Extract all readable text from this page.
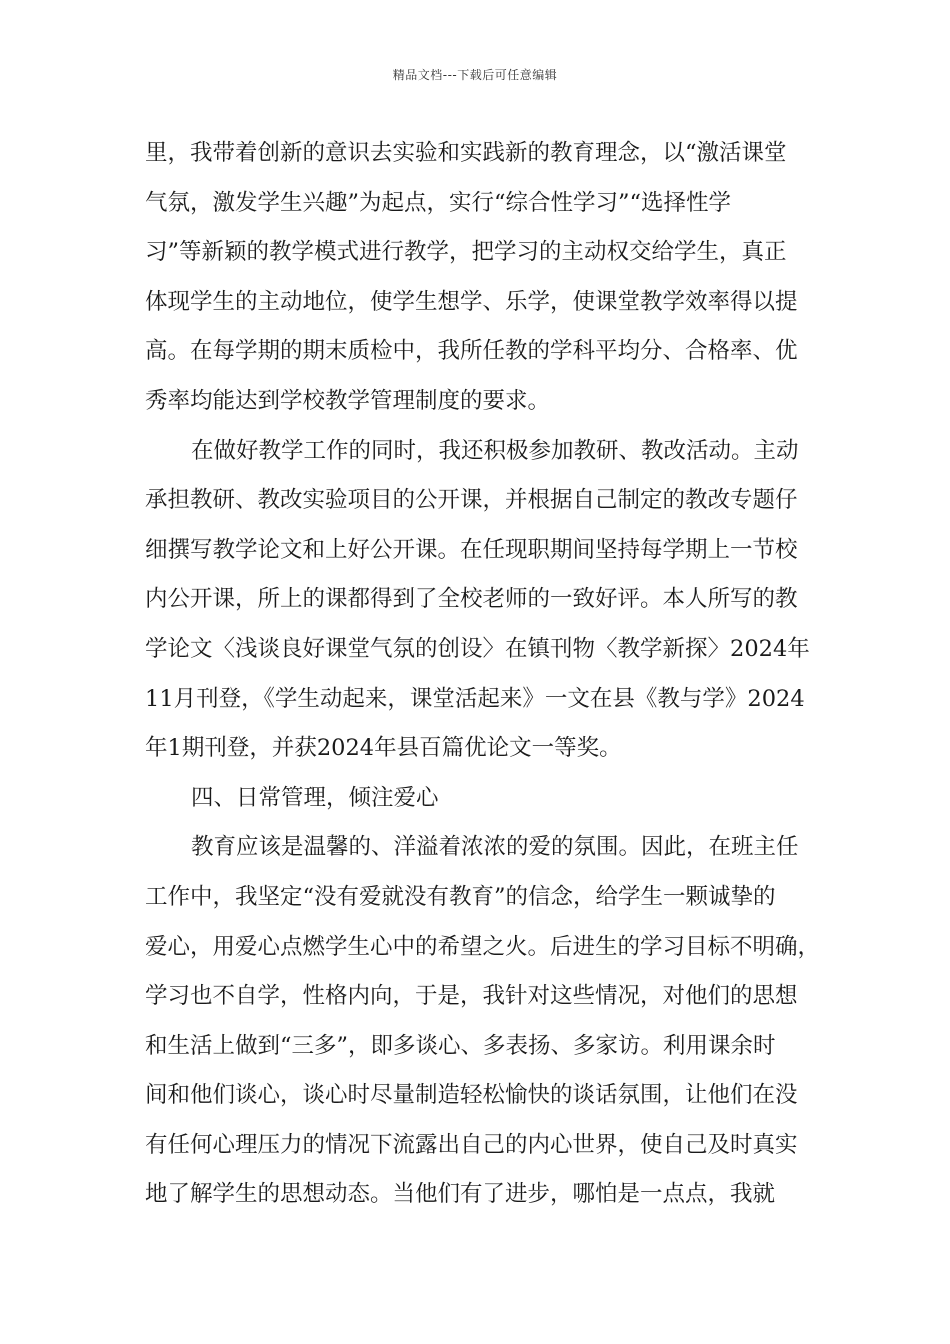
精品文档---下载后可任意编辑
里，我带着创新的意识去实验和实践新的教育理念，以“激活课堂
气氛，激发学生兴趣”为起点，实行“综合性学习”“选择性学
习”等新颖的教学模式进行教学，把学习的主动权交给学生，真正
体现学生的主动地位，使学生想学、乐学，使课堂教学效率得以提
高。在每学期的期末质检中，我所任教的学科平均分、合格率、优
秀率均能达到学校教学管理制度的要求。
在做好教学工作的同时，我还积极参加教研、教改活动。主动
承担教研、教改实验项目的公开课，并根据自己制定的教改专题仔
细撰写教学论文和上好公开课。在任现职期间坚持每学期上一节校
内公开课，所上的课都得到了全校老师的一致好评。本人所写的教
学论文〈浅谈良好课堂气氛的创设〉在镇刊物〈教学新探〉2024年
11月刊登，《学生动起来，课堂活起来》一文在县《教与学》2024
年1期刊登，并获2024年县百篇优论文一等奖。
四、日常管理，倾注爱心
教育应该是温馨的、洋溢着浓浓的爱的氛围。因此，在班主任
工作中，我坚定“没有爱就没有教育”的信念，给学生一颗诚挚的
爱心，用爱心点燃学生心中的希望之火。后进生的学习目标不明确，
学习也不自学，性格内向，于是，我针对这些情况，对他们的思想
和生活上做到“三多”，即多谈心、多表扬、多家访。利用课余时
间和他们谈心，谈心时尽量制造轻松愉快的谈话氛围，让他们在没
有任何心理压力的情况下流露出自己的内心世界，使自己及时真实
地了解学生的思想动态。当他们有了进步，哪怕是一点点，我就
